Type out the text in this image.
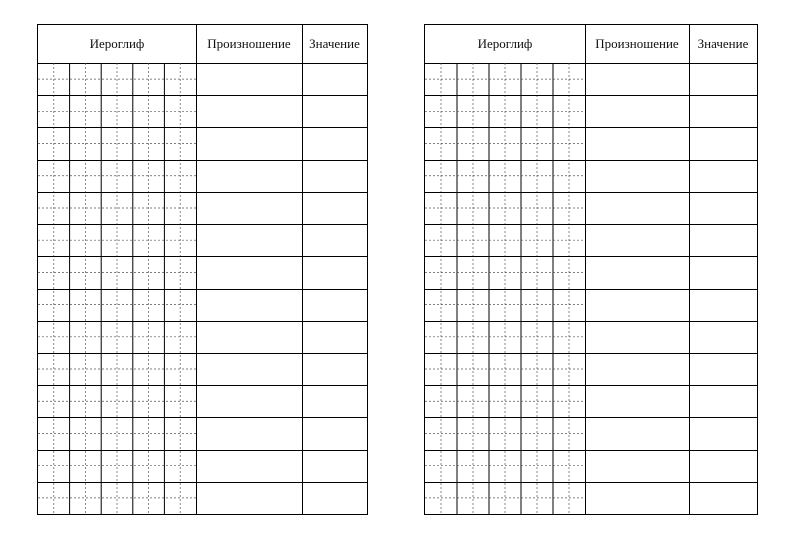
Иероглиф	Произношение	Значение	Иероглиф	Произношение	Значение
